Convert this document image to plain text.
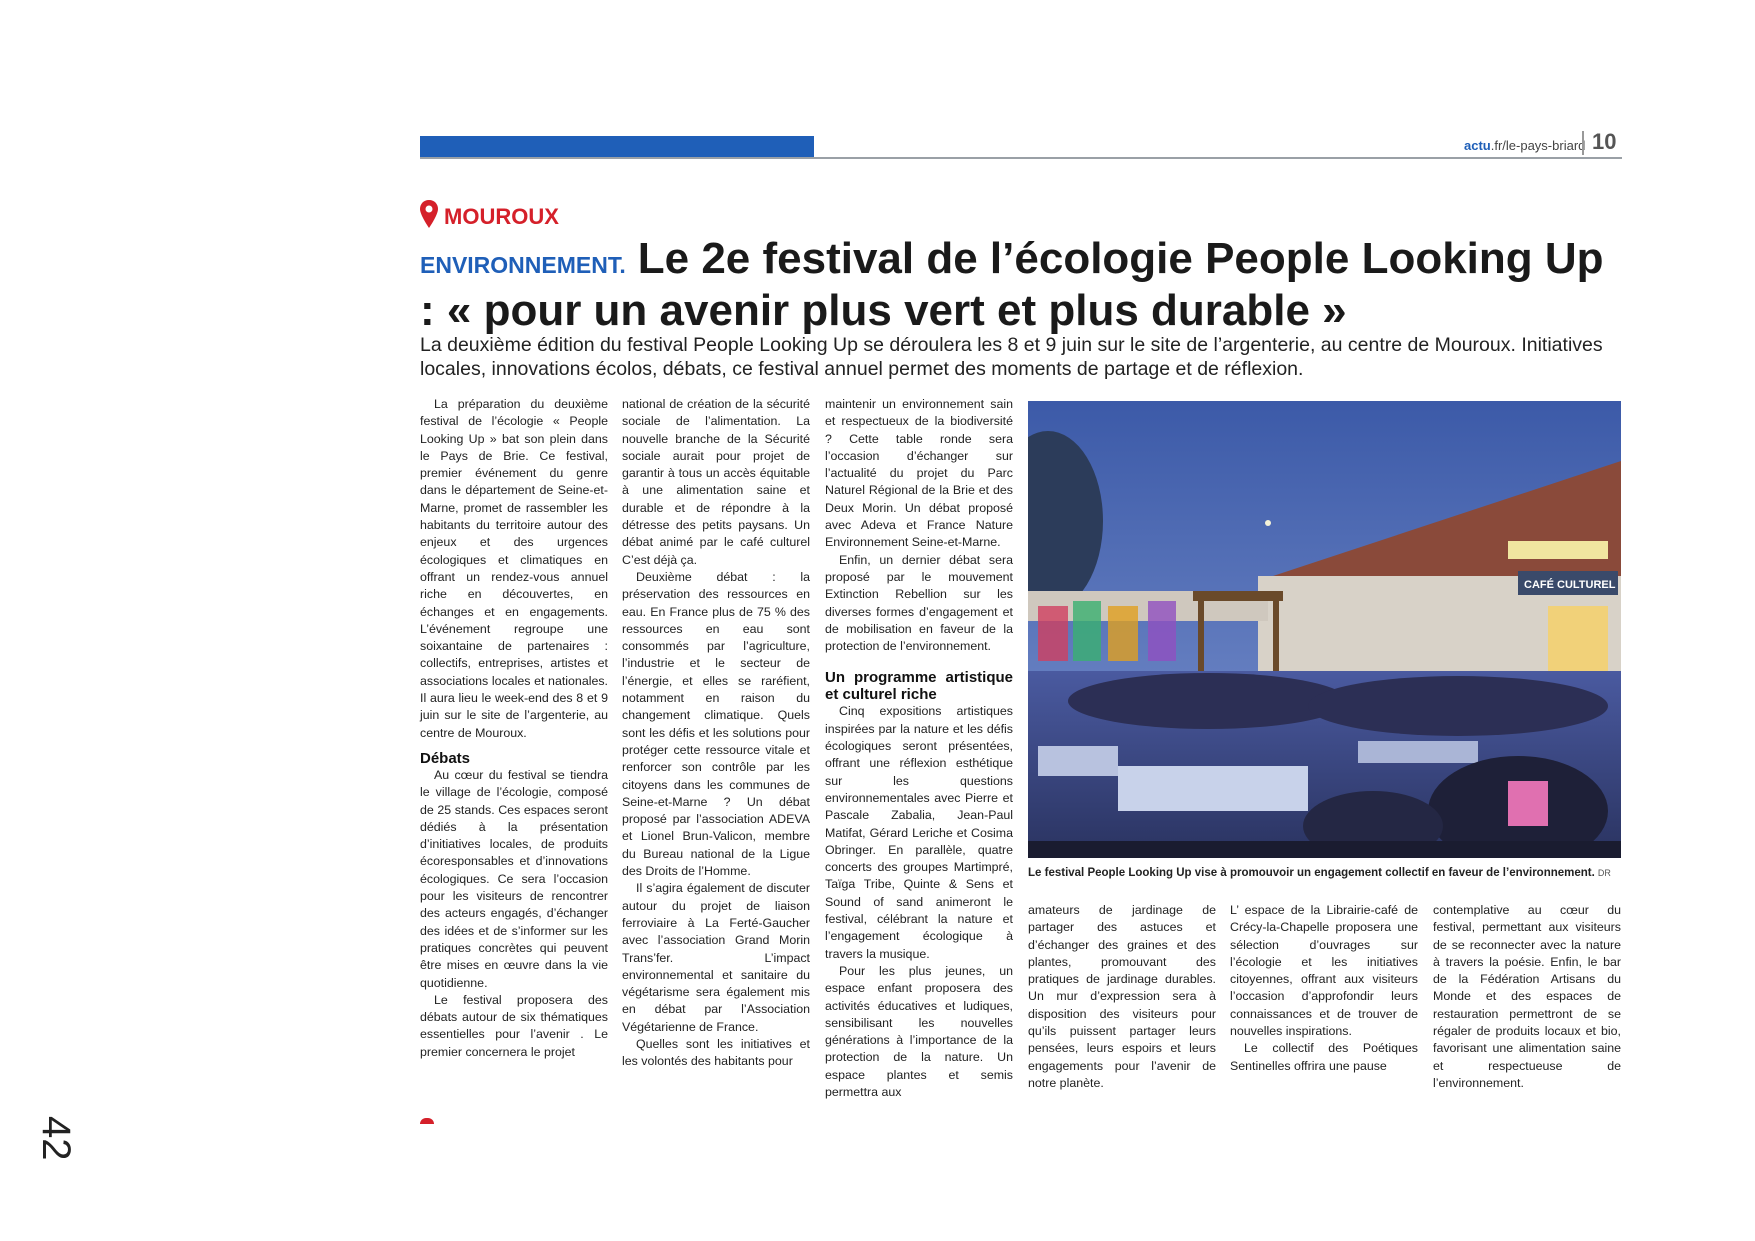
42
actu.fr/le-pays-briard 10
MOUROUX
ENVIRONNEMENT. Le 2e festival de l’écologie People Looking Up : « pour un avenir plus vert et plus durable »

La deuxième édition du festival People Looking Up se déroulera les 8 et 9 juin sur le site de l’argenterie, au centre de Mouroux. Initiatives locales, innovations écolos, débats, ce festival annuel permet des moments de partage et de réflexion.

La préparation du deuxième festival de l’écologie « People Looking Up » bat son plein dans le Pays de Brie. Ce festival, premier événement du genre dans le département de Seine-et-Marne, promet de rassembler les habitants du territoire autour des enjeux et des urgences écologiques et climatiques en offrant un rendez-vous annuel riche en découvertes, en échanges et en engagements. L’événement regroupe une soixantaine de partenaires : collectifs, entreprises, artistes et associations locales et nationales. Il aura lieu le week-end des 8 et 9 juin sur le site de l’argenterie, au centre de Mouroux.

Débats

Au cœur du festival se tiendra le village de l’écologie, composé de 25 stands. Ces espaces seront dédiés à la présentation d’initiatives locales, de produits écoresponsables et d’innovations écologiques. Ce sera l’occasion pour les visiteurs de rencontrer des acteurs engagés, d’échanger des idées et de s’informer sur les pratiques concrètes qui peuvent être mises en œuvre dans la vie quotidienne.

Le festival proposera des débats autour de six thématiques essentielles pour l’avenir . Le premier concernera le projet

national de création de la sécurité sociale de l’alimentation. La nouvelle branche de la Sécurité sociale aurait pour projet de garantir à tous un accès équitable à une alimentation saine et durable et de répondre à la détresse des petits paysans. Un débat animé par le café culturel C’est déjà ça.

Deuxième débat : la préservation des ressources en eau. En France plus de 75 % des ressources en eau sont consommés par l’agriculture, l’industrie et le secteur de l’énergie, et elles se raréfient, notamment en raison du changement climatique. Quels sont les défis et les solutions pour protéger cette ressource vitale et renforcer son contrôle par les citoyens dans les communes de Seine-et-Marne ? Un débat proposé par l’association ADEVA et Lionel Brun-Valicon, membre du Bureau national de la Ligue des Droits de l’Homme.

Il s’agira également de discuter autour du projet de liaison ferroviaire à La Ferté-Gaucher avec l’association Grand Morin Trans’fer. L’impact environnemental et sanitaire du végétarisme sera également mis en débat par l’Association Végétarienne de France.

Quelles sont les initiatives et les volontés des habitants pour

maintenir un environnement sain et respectueux de la biodiversité ? Cette table ronde sera l’occasion d’échanger sur l’actualité du projet du Parc Naturel Régional de la Brie et des Deux Morin. Un débat proposé avec Adeva et France Nature Environnement Seine-et-Marne.

Enfin, un dernier débat sera proposé par le mouvement Extinction Rebellion sur les diverses formes d’engagement et de mobilisation en faveur de la protection de l’environnement.

Un programme artistique et culturel riche

Cinq expositions artistiques inspirées par la nature et les défis écologiques seront présentées, offrant une réflexion esthétique sur les questions environnementales avec Pierre et Pascale Zabalia, Jean-Paul Matifat, Gérard Leriche et Cosima Obringer. En parallèle, quatre concerts des groupes Martimpré, Taïga Tribe, Quinte & Sens et Sound of sand animeront le festival, célébrant la nature et l’engagement écologique à travers la musique.

Pour les plus jeunes, un espace enfant proposera des activités éducatives et ludiques, sensibilisant les nouvelles générations à l’importance de la protection de la nature. Un espace plantes et semis permettra aux

CAFÉ CULTUREL

Le festival People Looking Up vise à promouvoir un engagement collectif en faveur de l’environnement. DR

amateurs de jardinage de partager des astuces et d’échanger des graines et des plantes, promouvant des pratiques de jardinage durables. Un mur d’expression sera à disposition des visiteurs pour qu’ils puissent partager leurs pensées, leurs espoirs et leurs engagements pour l’avenir de notre planète.

L’ espace de la Librairie-café de Crécy-la-Chapelle proposera une sélection d’ouvrages sur l’écologie et les initiatives citoyennes, offrant aux visiteurs l’occasion d’approfondir leurs connaissances et de trouver de nouvelles inspirations.

Le collectif des Poétiques Sentinelles offrira une pause

contemplative au cœur du festival, permettant aux visiteurs de se reconnecter avec la nature à travers la poésie. Enfin, le bar de la Fédération Artisans du Monde et des espaces de restauration permettront de se régaler de produits locaux et bio, favorisant une alimentation saine et respectueuse de l’environnement.
